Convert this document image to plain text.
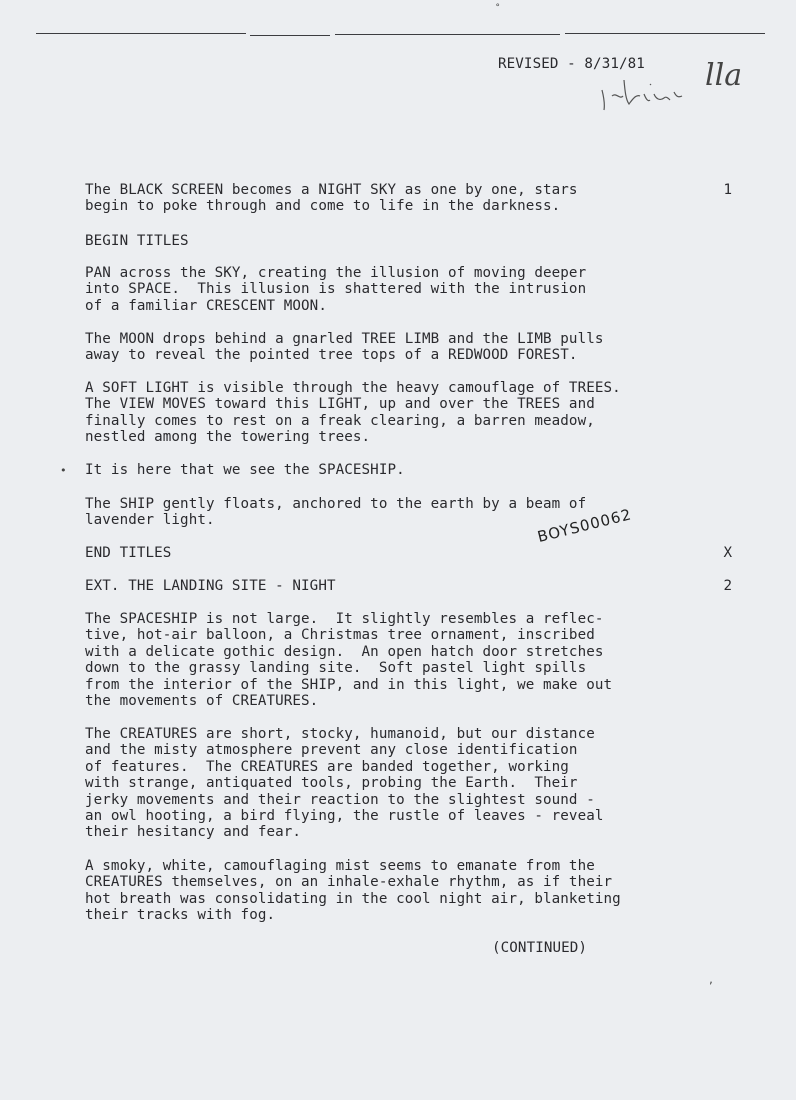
°
REVISED - 8/31/81 lla
The BLACK SCREEN becomes a NIGHT SKY as one by one, stars
begin to poke through and come to life in the darkness.
1
BEGIN TITLES
PAN across the SKY, creating the illusion of moving deeper
into SPACE.  This illusion is shattered with the intrusion
of a familiar CRESCENT MOON.
The MOON drops behind a gnarled TREE LIMB and the LIMB pulls
away to reveal the pointed tree tops of a REDWOOD FOREST.
A SOFT LIGHT is visible through the heavy camouflage of TREES.
The VIEW MOVES toward this LIGHT, up and over the TREES and
finally comes to rest on a freak clearing, a barren meadow,
nestled among the towering trees.
• It is here that we see the SPACESHIP.
The SHIP gently floats, anchored to the earth by a beam of
lavender light.
END TITLES	X
BOYS00062
EXT. THE LANDING SITE - NIGHT	2
The SPACESHIP is not large.  It slightly resembles a reflec-
tive, hot-air balloon, a Christmas tree ornament, inscribed
with a delicate gothic design.  An open hatch door stretches
down to the grassy landing site.  Soft pastel light spills
from the interior of the SHIP, and in this light, we make out
the movements of CREATURES.
The CREATURES are short, stocky, humanoid, but our distance
and the misty atmosphere prevent any close identification
of features.  The CREATURES are banded together, working
with strange, antiquated tools, probing the Earth.  Their
jerky movements and their reaction to the slightest sound -
an owl hooting, a bird flying, the rustle of leaves - reveal
their hesitancy and fear.
A smoky, white, camouflaging mist seems to emanate from the
CREATURES themselves, on an inhale-exhale rhythm, as if their
hot breath was consolidating in the cool night air, blanketing
their tracks with fog.
(CONTINUED)
,
